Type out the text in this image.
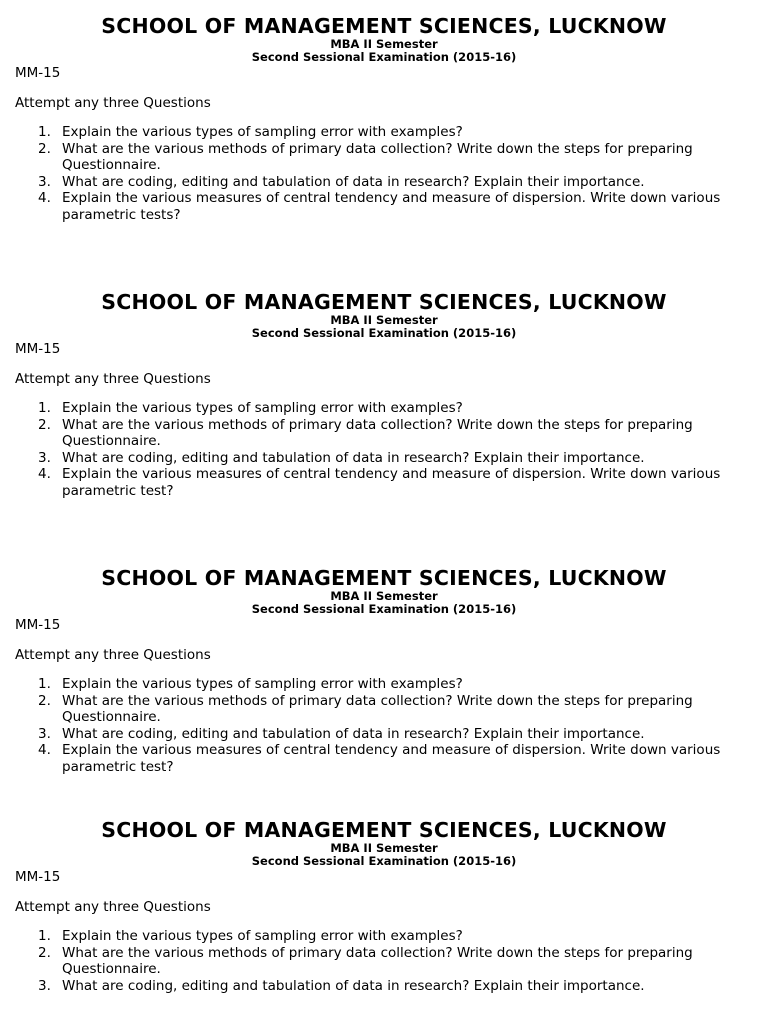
SCHOOL OF MANAGEMENT SCIENCES, LUCKNOW
MBA II Semester
Second Sessional Examination (2015-16)
MM-15
Attempt any three Questions
1. Explain the various types of sampling error with examples?
2. What are the various methods of primary data collection? Write down the steps for preparing Questionnaire.
3. What are coding, editing and tabulation of data in research? Explain their importance.
4. Explain the various measures of central tendency and measure of dispersion. Write down various parametric tests?
SCHOOL OF MANAGEMENT SCIENCES, LUCKNOW
MBA II Semester
Second Sessional Examination (2015-16)
MM-15
Attempt any three Questions
1. Explain the various types of sampling error with examples?
2. What are the various methods of primary data collection? Write down the steps for preparing Questionnaire.
3. What are coding, editing and tabulation of data in research? Explain their importance.
4. Explain the various measures of central tendency and measure of dispersion. Write down various parametric test?
SCHOOL OF MANAGEMENT SCIENCES, LUCKNOW
MBA II Semester
Second Sessional Examination (2015-16)
MM-15
Attempt any three Questions
1. Explain the various types of sampling error with examples?
2. What are the various methods of primary data collection? Write down the steps for preparing Questionnaire.
3. What are coding, editing and tabulation of data in research? Explain their importance.
4. Explain the various measures of central tendency and measure of dispersion. Write down various parametric test?
SCHOOL OF MANAGEMENT SCIENCES, LUCKNOW
MBA II Semester
Second Sessional Examination (2015-16)
MM-15
Attempt any three Questions
1. Explain the various types of sampling error with examples?
2. What are the various methods of primary data collection? Write down the steps for preparing Questionnaire.
3. What are coding, editing and tabulation of data in research? Explain their importance.
